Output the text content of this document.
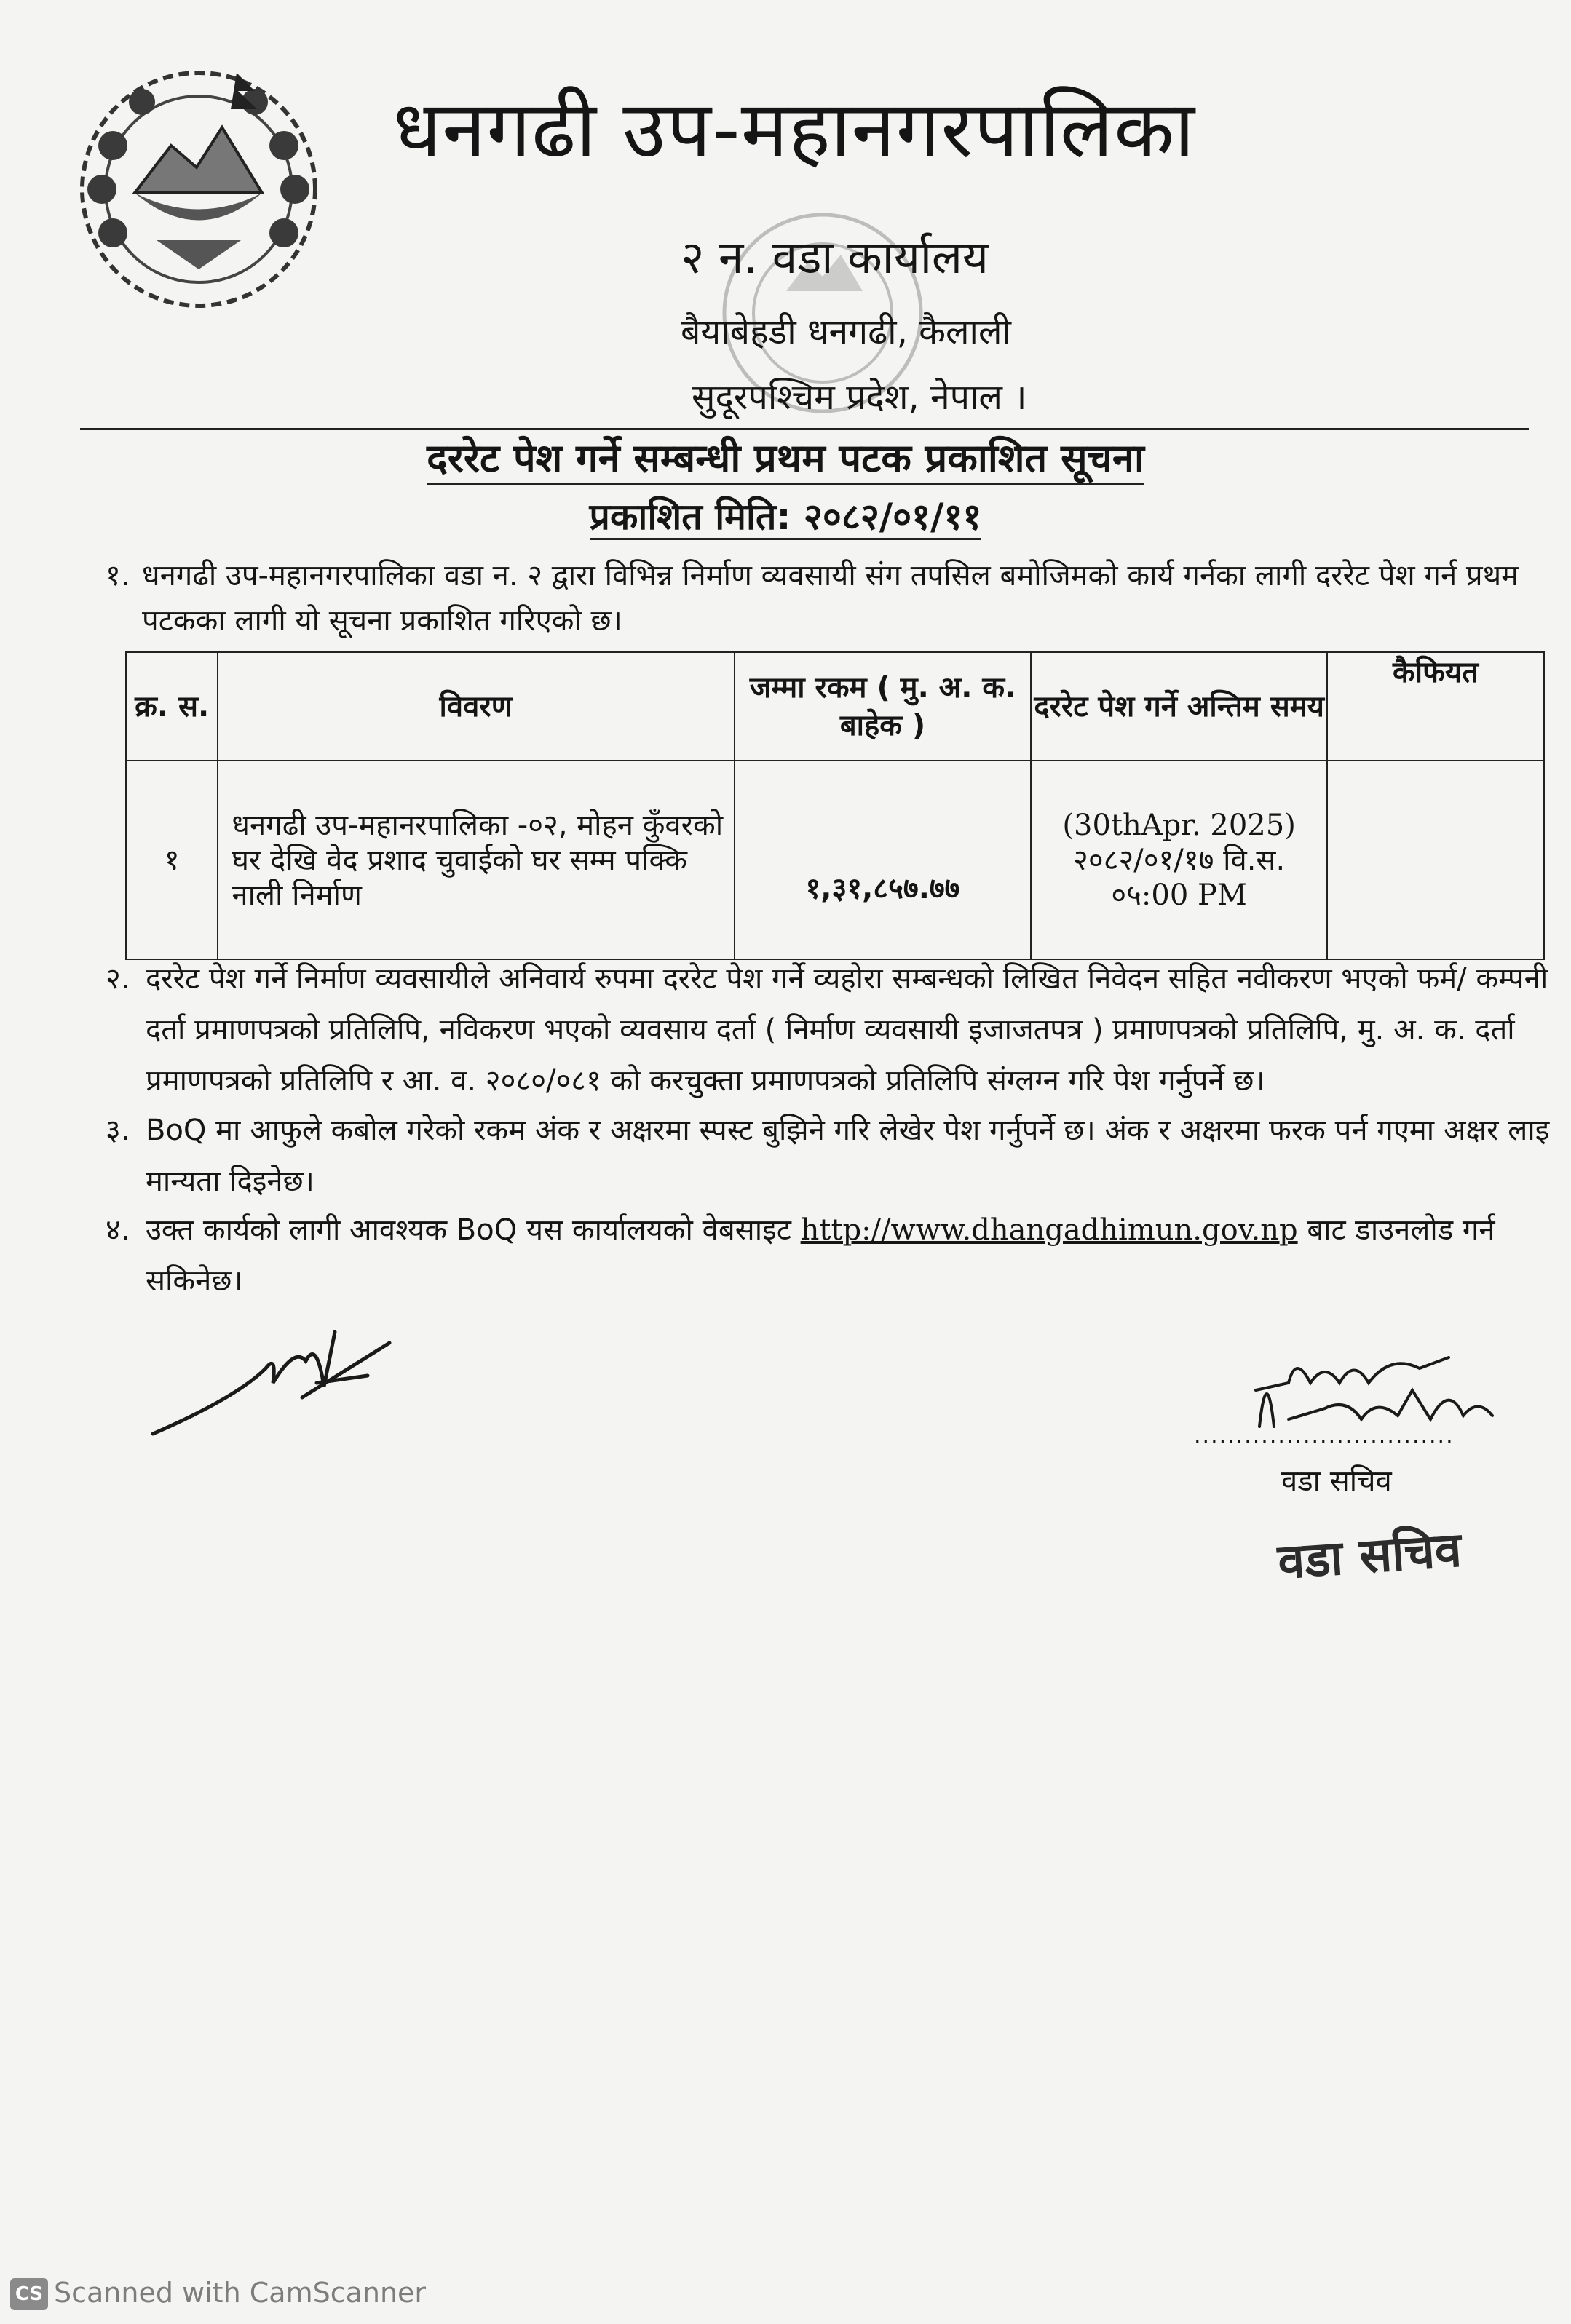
धनगढी उप-महानगरपालिका
२ न. वडा कार्यालय
बैयाबेहडी धनगढी, कैलाली
सुदूरपश्चिम प्रदेश, नेपाल ।
दररेट पेश गर्ने सम्बन्धी प्रथम पटक प्रकाशित सूचना
प्रकाशित मिति: २०८२/०१/११
१. धनगढी उप-महानगरपालिका वडा न. २ द्वारा विभिन्न निर्माण व्यवसायी संग तपसिल बमोजिमको कार्य गर्नका लागी दररेट पेश गर्न प्रथम पटकका लागी यो सूचना प्रकाशित गरिएको छ।
क्र. स.	विवरण	जम्मा रकम ( मु. अ. क. बाहेक )	दररेट पेश गर्ने अन्तिम समय	कैफियत
१	धनगढी उप-महानरपालिका -०२, मोहन कुँवरको घर देखि वेद प्रशाद चुवाईको घर सम्म पक्कि नाली निर्माण	१,३१,८५७.७७	(30thApr. 2025)
२०८२/०१/१७ वि.स.
०५:00 PM	

२. दररेट पेश गर्ने निर्माण व्यवसायीले अनिवार्य रुपमा दररेट पेश गर्ने व्यहोरा सम्बन्धको लिखित निवेदन सहित नवीकरण भएको फर्म/ कम्पनी दर्ता प्रमाणपत्रको प्रतिलिपि, नविकरण भएको व्यवसाय दर्ता ( निर्माण व्यवसायी इजाजतपत्र ) प्रमाणपत्रको प्रतिलिपि, मु. अ. क. दर्ता प्रमाणपत्रको प्रतिलिपि र आ. व. २०८०/०८१ को करचुक्ता प्रमाणपत्रको प्रतिलिपि संग्लग्न गरि पेश गर्नुपर्ने छ।
३. BoQ मा आफुले कबोल गरेको रकम अंक र अक्षरमा स्पस्ट बुझिने गरि लेखेर पेश गर्नुपर्ने छ। अंक र अक्षरमा फरक पर्न गएमा अक्षर लाइ मान्यता दिइनेछ।
४. उक्त कार्यको लागी आवश्यक BoQ यस कार्यालयको वेबसाइट http://www.dhangadhimun.gov.np बाट डाउनलोड गर्न सकिनेछ।
...............................
वडा सचिव
वडा सचिव
CS Scanned with CamScanner
